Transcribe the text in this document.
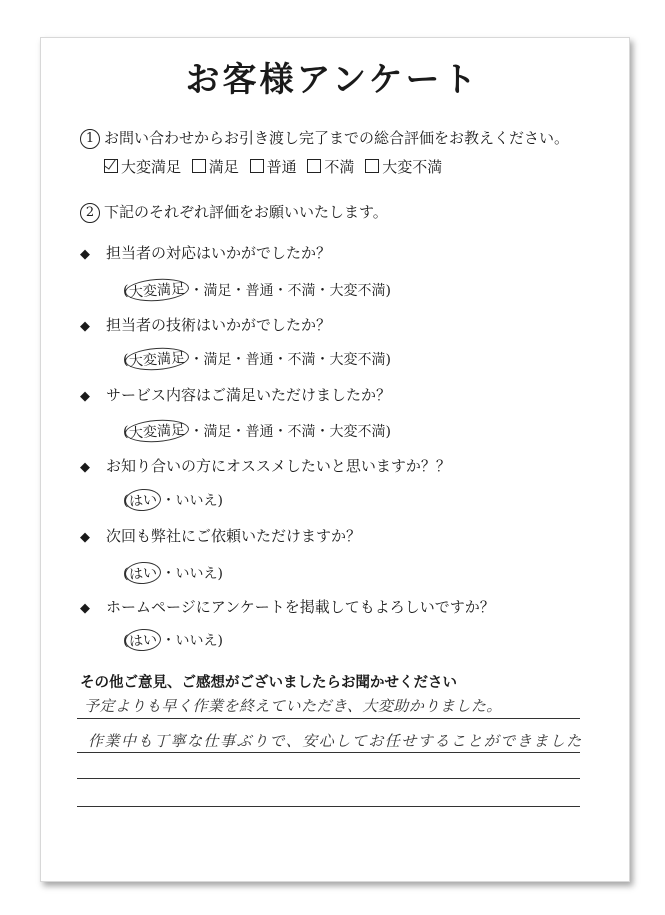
お客様アンケート
1 お問い合わせからお引き渡し完了までの総合評価をお教えください。
大変満足 満足 普通 不満 大変不満
2 下記のそれぞれ評価をお願いいたします。
◆ 担当者の対応はいかがでしたか？
(大変満足 ・満足・普通・不満・大変不満)
◆ 担当者の技術はいかがでしたか？
(大変満足 ・満足・普通・不満・大変不満)
◆ サービス内容はご満足いただけましたか？
(大変満足 ・満足・普通・不満・大変不満)
◆ お知り合いの方にオススメしたいと思いますか？？
(はい ・いいえ)
◆ 次回も弊社にご依頼いただけますか？
(はい ・いいえ)
◆ ホームページにアンケートを掲載してもよろしいですか？
(はい ・いいえ)
その他ご意見、ご感想がございましたらお聞かせください
予定よりも早く作業を終えていただき、大変助かりました。
作業中も丁寧な仕事ぶりで、安心してお任せすることができました
